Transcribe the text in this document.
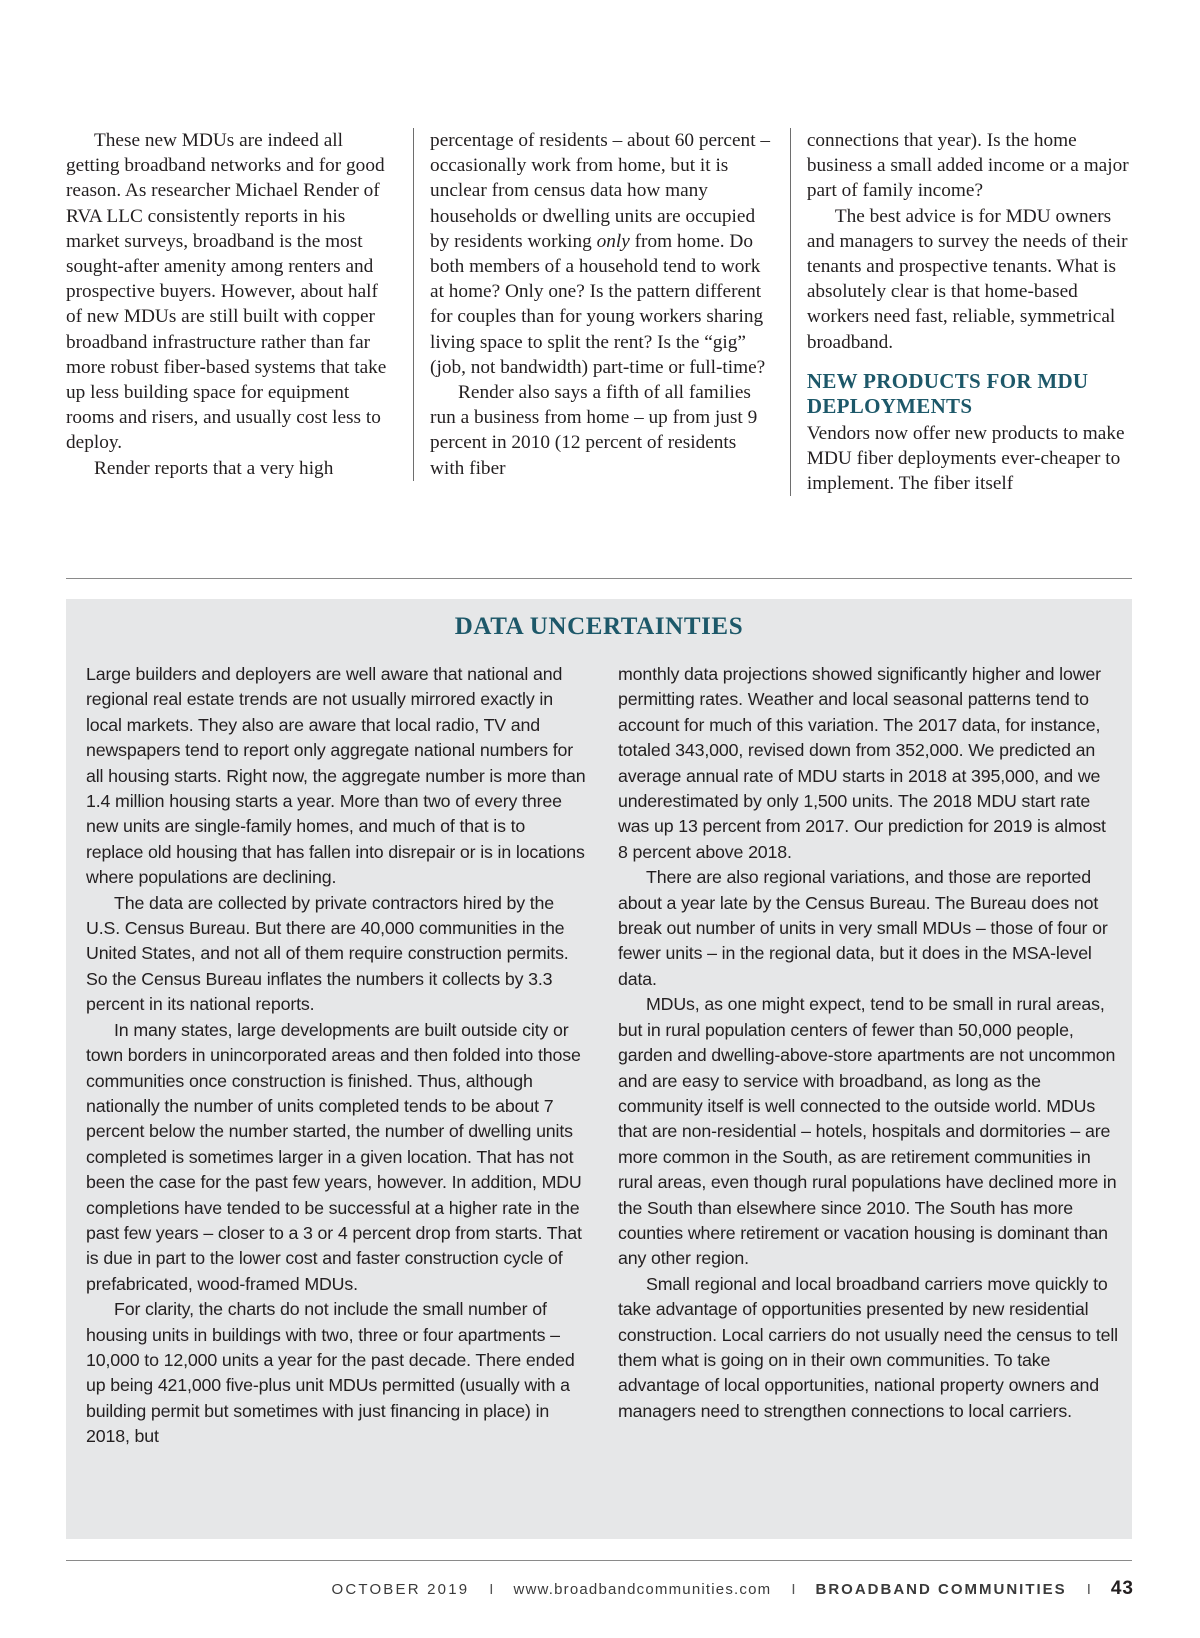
These new MDUs are indeed all getting broadband networks and for good reason. As researcher Michael Render of RVA LLC consistently reports in his market surveys, broadband is the most sought-after amenity among renters and prospective buyers. However, about half of new MDUs are still built with copper broadband infrastructure rather than far more robust fiber-based systems that take up less building space for equipment rooms and risers, and usually cost less to deploy.

Render reports that a very high

percentage of residents – about 60 percent – occasionally work from home, but it is unclear from census data how many households or dwelling units are occupied by residents working only from home. Do both members of a household tend to work at home? Only one? Is the pattern different for couples than for young workers sharing living space to split the rent? Is the “gig” (job, not bandwidth) part-time or full-time?

Render also says a fifth of all families run a business from home – up from just 9 percent in 2010 (12 percent of residents with fiber

connections that year). Is the home business a small added income or a major part of family income?

The best advice is for MDU owners and managers to survey the needs of their tenants and prospective tenants. What is absolutely clear is that home-based workers need fast, reliable, symmetrical broadband.

NEW PRODUCTS FOR MDU DEPLOYMENTS

Vendors now offer new products to make MDU fiber deployments ever-cheaper to implement. The fiber itself

DATA UNCERTAINTIES

Large builders and deployers are well aware that national and regional real estate trends are not usually mirrored exactly in local markets. They also are aware that local radio, TV and newspapers tend to report only aggregate national numbers for all housing starts. Right now, the aggregate number is more than 1.4 million housing starts a year. More than two of every three new units are single-family homes, and much of that is to replace old housing that has fallen into disrepair or is in locations where populations are declining.

The data are collected by private contractors hired by the U.S. Census Bureau. But there are 40,000 communities in the United States, and not all of them require construction permits. So the Census Bureau inflates the numbers it collects by 3.3 percent in its national reports.

In many states, large developments are built outside city or town borders in unincorporated areas and then folded into those communities once construction is finished. Thus, although nationally the number of units completed tends to be about 7 percent below the number started, the number of dwelling units completed is sometimes larger in a given location. That has not been the case for the past few years, however. In addition, MDU completions have tended to be successful at a higher rate in the past few years – closer to a 3 or 4 percent drop from starts. That is due in part to the lower cost and faster construction cycle of prefabricated, wood-framed MDUs.

For clarity, the charts do not include the small number of housing units in buildings with two, three or four apartments – 10,000 to 12,000 units a year for the past decade. There ended up being 421,000 five-plus unit MDUs permitted (usually with a building permit but sometimes with just financing in place) in 2018, but

monthly data projections showed significantly higher and lower permitting rates. Weather and local seasonal patterns tend to account for much of this variation. The 2017 data, for instance, totaled 343,000, revised down from 352,000. We predicted an average annual rate of MDU starts in 2018 at 395,000, and we underestimated by only 1,500 units. The 2018 MDU start rate was up 13 percent from 2017. Our prediction for 2019 is almost 8 percent above 2018.

There are also regional variations, and those are reported about a year late by the Census Bureau. The Bureau does not break out number of units in very small MDUs – those of four or fewer units – in the regional data, but it does in the MSA-level data.

MDUs, as one might expect, tend to be small in rural areas, but in rural population centers of fewer than 50,000 people, garden and dwelling-above-store apartments are not uncommon and are easy to service with broadband, as long as the community itself is well connected to the outside world. MDUs that are non-residential – hotels, hospitals and dormitories – are more common in the South, as are retirement communities in rural areas, even though rural populations have declined more in the South than elsewhere since 2010. The South has more counties where retirement or vacation housing is dominant than any other region.

Small regional and local broadband carriers move quickly to take advantage of opportunities presented by new residential construction. Local carriers do not usually need the census to tell them what is going on in their own communities. To take advantage of local opportunities, national property owners and managers need to strengthen connections to local carriers.

OCTOBER 2019 I www.broadbandcommunities.com I BROADBAND COMMUNITIES I 43
